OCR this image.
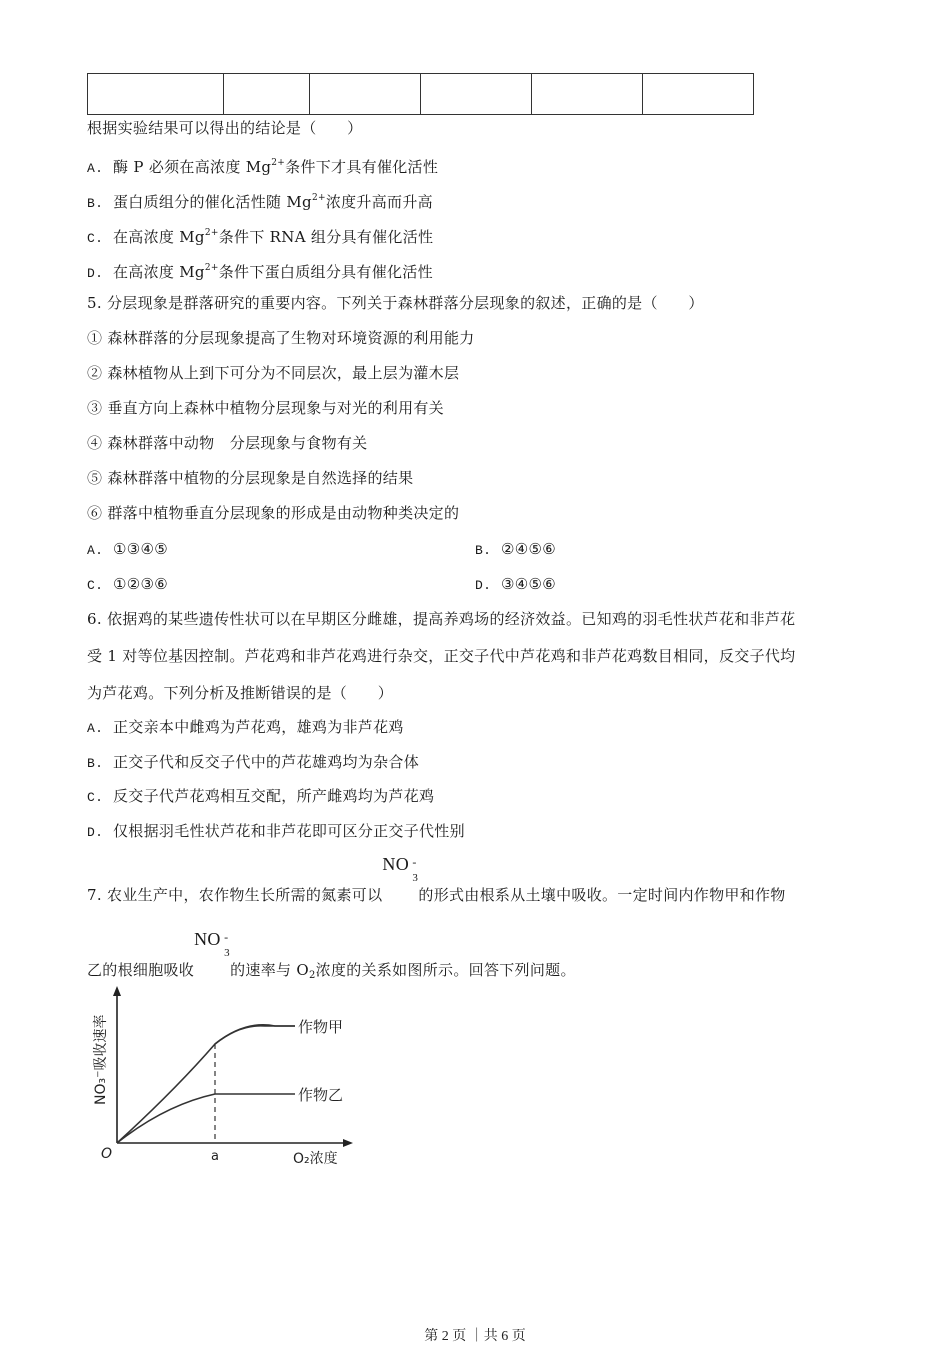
根据实验结果可以得出的结论是（　　）
A. 酶 P 必须在高浓度 $Mg^{2+}$条件下才具有催化活性
B. 蛋白质组分的催化活性随 $Mg^{2+}$浓度升高而升高
C. 在高浓度 $Mg^{2+}$条件下 RNA 组分具有催化活性
D. 在高浓度 $Mg^{2+}$条件下蛋白质组分具有催化活性
5. 分层现象是群落研究的重要内容。下列关于森林群落分层现象的叙述，正确的是（　　）
① 森林群落的分层现象提高了生物对环境资源的利用能力
② 森林植物从上到下可分为不同层次，最上层为灌木层
③ 垂直方向上森林中植物分层现象与对光的利用有关
④ 森林群落中动物　分层现象与食物有关
⑤ 森林群落中植物的分层现象是自然选择的结果
⑥ 群落中植物垂直分层现象的形成是由动物种类决定的
A. ①③④⑤	B. ②④⑤⑥
C. ①②③⑥	D. ③④⑤⑥
6. 依据鸡的某些遗传性状可以在早期区分雌雄，提高养鸡场的经济效益。已知鸡的羽毛性状芦花和非芦花
受 1 对等位基因控制。芦花鸡和非芦花鸡进行杂交，正交子代中芦花鸡和非芦花鸡数目相同，反交子代均
为芦花鸡。下列分析及推断错误的是（　　）
A. 正交亲本中雌鸡为芦花鸡，雄鸡为非芦花鸡
B. 正交子代和反交子代中的芦花雄鸡均为杂合体
C. 反交子代芦花鸡相互交配，所产雌鸡均为芦花鸡
D. 仅根据羽毛性状芦花和非芦花即可区分正交子代性别
7. 农业生产中，农作物生长所需的氮素可以
NO -
3
的形式由根系从土壤中吸收。一定时间内作物甲和作物
乙的根细胞吸收
NO -
3
的速率与 $O_2$浓度的关系如图所示。回答下列问题。
作物甲
作物乙
O	a	O₂浓度
NO₃⁻吸收速率
第 2 页 ｜共 6 页
